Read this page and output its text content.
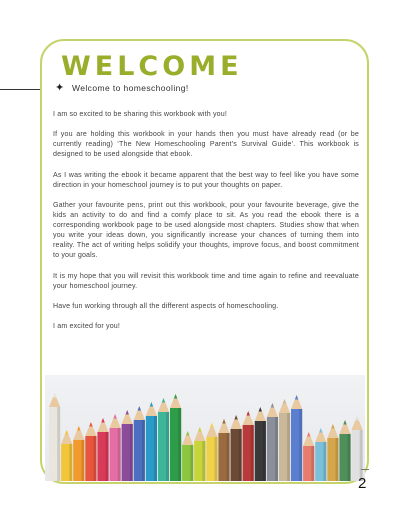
WELCOME
✦ Welcome to homeschooling!

I am so excited to be sharing this workbook with you!

If you are holding this workbook in your hands then you must have already read (or be currently reading) ‘The New Homeschooling Parent’s Survival Guide’. This workbook is designed to be used alongside that ebook.

As I was writing the ebook it became apparent that the best way to feel like you have some direction in your homeschool journey is to put your thoughts on paper.

Gather your favourite pens, print out this workbook, pour your favourite beverage, give the kids an activity to do and find a comfy place to sit. As you read the ebook there is a corresponding workbook page to be used alongside most chapters. Studies show that when you write your ideas down, you significantly increase your chances of turning them into reality. The act of writing helps solidify your thoughts, improve focus, and boost commitment to your goals.

It is my hope that you will revisit this workbook time and time again to refine and reevaluate your homeschool journey.

Have fun working through all the different aspects of homeschooling.

I am excited for you!

2
